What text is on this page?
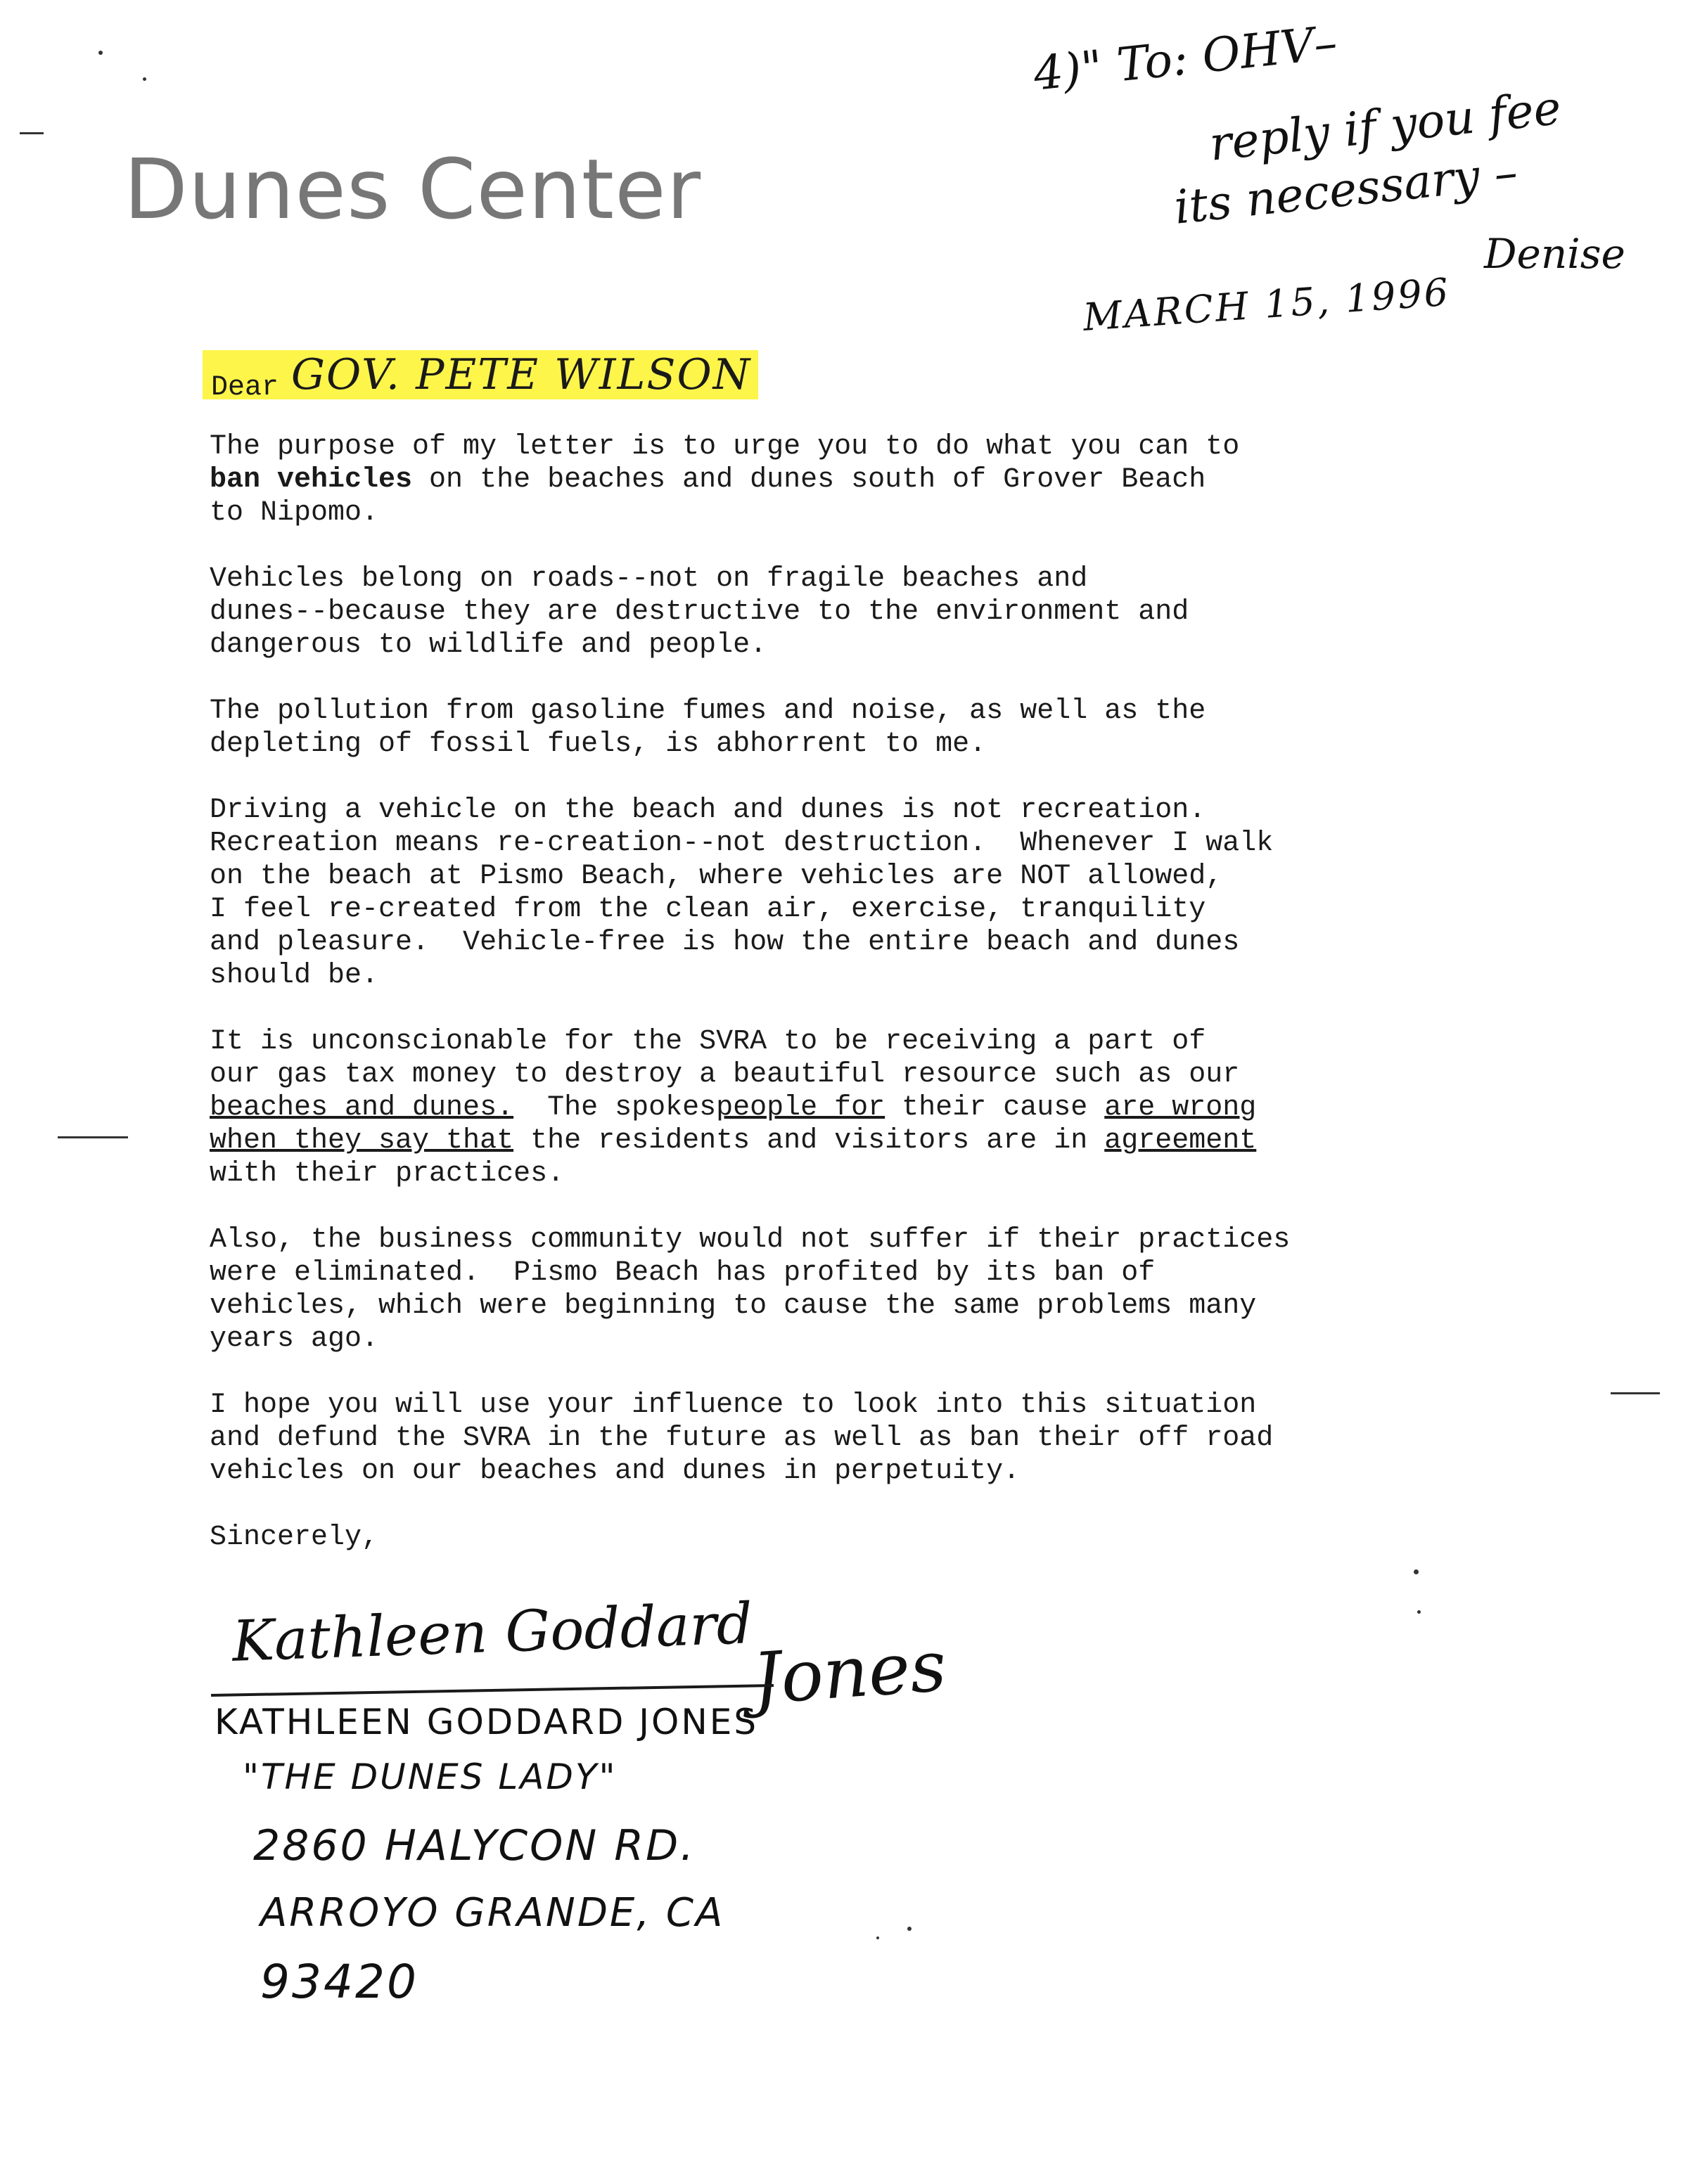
Dunes Center
4)" To: OHV–
reply if you fee
its necessary –
Denise
MARCH 15, 1996
Dear GOV. PETE WILSON

The purpose of my letter is to urge you to do what you can to
ban vehicles on the beaches and dunes south of Grover Beach
to Nipomo.

Vehicles belong on roads--not on fragile beaches and
dunes--because they are destructive to the environment and
dangerous to wildlife and people.

The pollution from gasoline fumes and noise, as well as the
depleting of fossil fuels, is abhorrent to me.

Driving a vehicle on the beach and dunes is not recreation.
Recreation means re-creation--not destruction.  Whenever I walk
on the beach at Pismo Beach, where vehicles are NOT allowed,
I feel re-created from the clean air, exercise, tranquility
and pleasure.  Vehicle-free is how the entire beach and dunes
should be.

It is unconscionable for the SVRA to be receiving a part of
our gas tax money to destroy a beautiful resource such as our
beaches and dunes.  The spokespeople for their cause are wrong
when they say that the residents and visitors are in agreement
with their practices.

Also, the business community would not suffer if their practices
were eliminated.  Pismo Beach has profited by its ban of
vehicles, which were beginning to cause the same problems many
years ago.

I hope you will use your influence to look into this situation
and defund the SVRA in the future as well as ban their off road
vehicles on our beaches and dunes in perpetuity.

Sincerely,

Kathleen Goddard
Jones
KATHLEEN GODDARD JONES
"THE DUNES LADY"
2860 HALYCON RD.
ARROYO GRANDE, CA
93420
